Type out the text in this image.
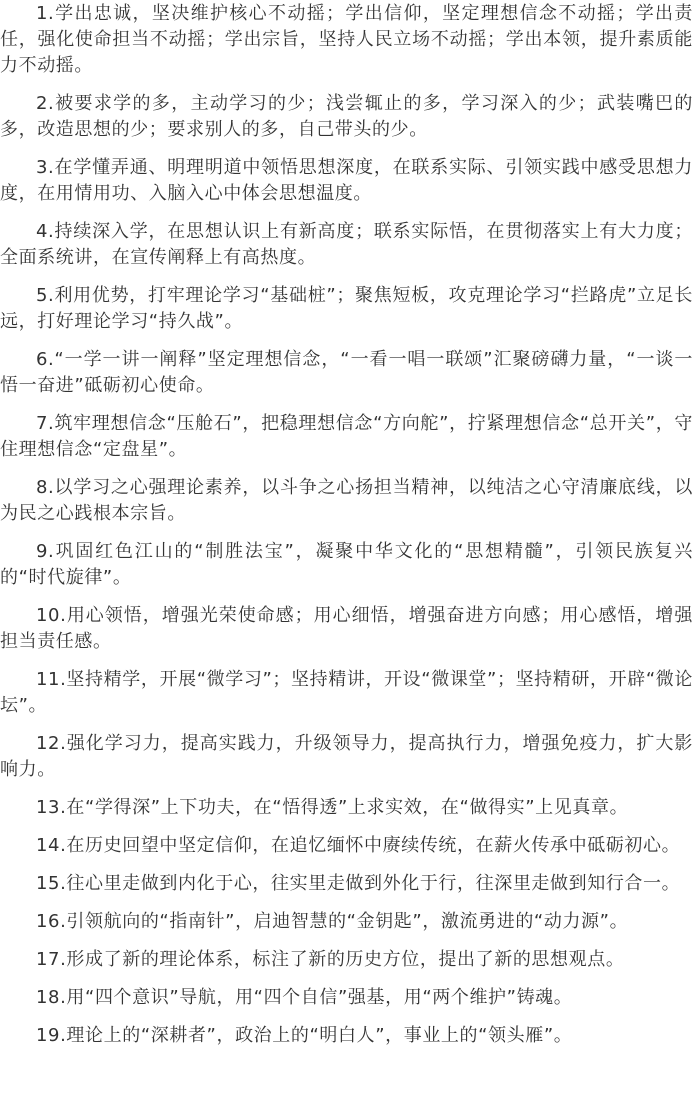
1.学出忠诚，坚决维护核心不动摇；学出信仰，坚定理想信念不动摇；学出责任，强化使命担当不动摇；学出宗旨，坚持人民立场不动摇；学出本领，提升素质能力不动摇。

2.被要求学的多，主动学习的少；浅尝辄止的多，学习深入的少；武装嘴巴的多，改造思想的少；要求别人的多，自己带头的少。

3.在学懂弄通、明理明道中领悟思想深度，在联系实际、引领实践中感受思想力度，在用情用功、入脑入心中体会思想温度。

4.持续深入学，在思想认识上有新高度；联系实际悟，在贯彻落实上有大力度；全面系统讲，在宣传阐释上有高热度。

5.利用优势，打牢理论学习“基础桩”；聚焦短板，攻克理论学习“拦路虎”立足长远，打好理论学习“持久战”。

6.“一学一讲一阐释”坚定理想信念，“一看一唱一联颂”汇聚磅礴力量，“一谈一悟一奋进”砥砺初心使命。

7.筑牢理想信念“压舱石”，把稳理想信念“方向舵”，拧紧理想信念“总开关”，守住理想信念“定盘星”。

8.以学习之心强理论素养，以斗争之心扬担当精神，以纯洁之心守清廉底线，以为民之心践根本宗旨。

9.巩固红色江山的“制胜法宝”，凝聚中华文化的“思想精髓”，引领民族复兴的“时代旋律”。

10.用心领悟，增强光荣使命感；用心细悟，增强奋进方向感；用心感悟，增强担当责任感。

11.坚持精学，开展“微学习”；坚持精讲，开设“微课堂”；坚持精研，开辟“微论坛”。

12.强化学习力，提高实践力，升级领导力，提高执行力，增强免疫力，扩大影响力。

13.在“学得深”上下功夫，在“悟得透”上求实效，在“做得实”上见真章。

14.在历史回望中坚定信仰，在追忆缅怀中赓续传统，在薪火传承中砥砺初心。

15.往心里走做到内化于心，往实里走做到外化于行，往深里走做到知行合一。

16.引领航向的“指南针”，启迪智慧的“金钥匙”，激流勇进的“动力源”。

17.形成了新的理论体系，标注了新的历史方位，提出了新的思想观点。

18.用“四个意识”导航，用“四个自信”强基，用“两个维护”铸魂。

19.理论上的“深耕者”，政治上的“明白人”，事业上的“领头雁”。
